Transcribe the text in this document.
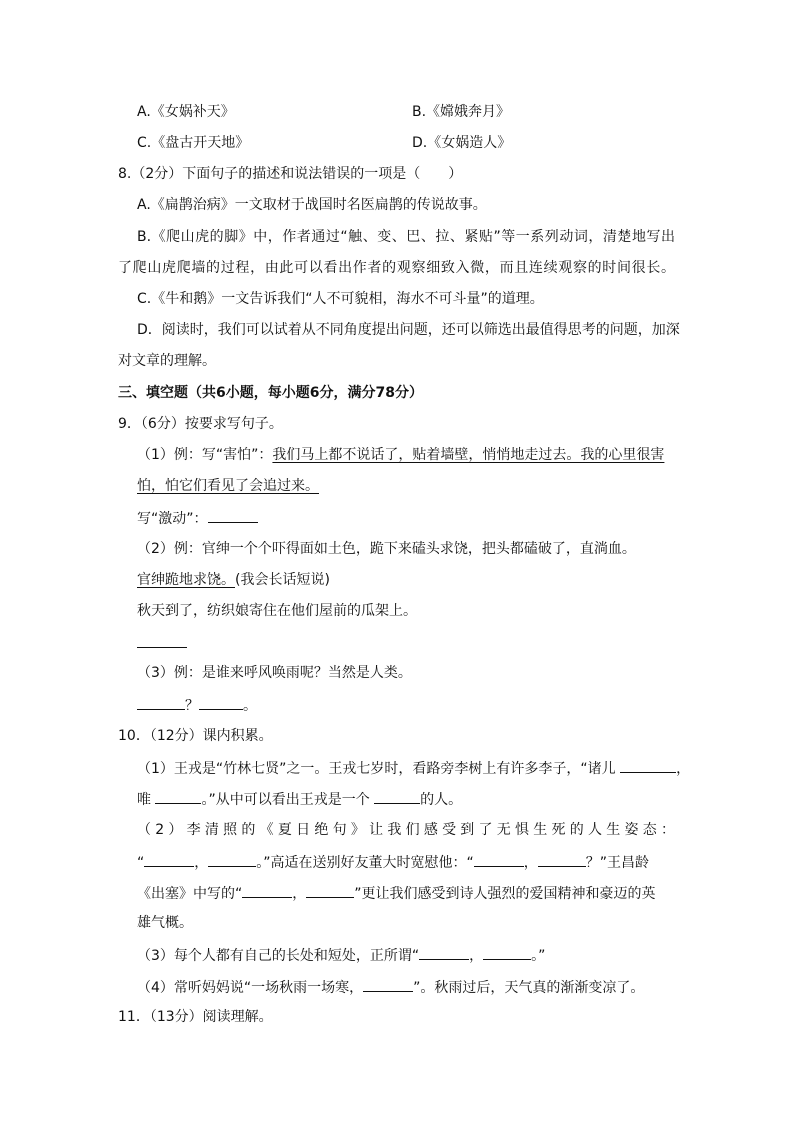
A.《女娲补天》	B.《嫦娥奔月》
C.《盘古开天地》	D.《女娲造人》
8.（2分）下面句子的描述和说法错误的一项是（　　）
A.《扁鹊治病》一文取材于战国时名医扁鹊的传说故事。
B.《爬山虎的脚》中，作者通过“触、变、巴、拉、紧贴”等一系列动词，清楚地写出
了爬山虎爬墙的过程，由此可以看出作者的观察细致入微，而且连续观察的时间很长。
C.《牛和鹅》一文告诉我们“人不可貌相，海水不可斗量”的道理。
D．阅读时，我们可以试着从不同角度提出问题，还可以筛选出最值得思考的问题，加深
对文章的理解。
三、填空题（共6小题，每小题6分，满分78分）
9．（6分）按要求写句子。
（1）例：写“害怕”：我们马上都不说话了，贴着墙壁，悄悄地走过去。我的心里很害
怕，怕它们看见了会追过来。
写“激动”：
（2）例：官绅一个个吓得面如土色，跪下来磕头求饶，把头都磕破了，直淌血。
官绅跪地求饶。(我会长话短说)
秋天到了，纺织娘寄住在他们屋前的瓜架上。
（3）例：是谁来呼风唤雨呢？当然是人类。
？	。
10．（12分）课内积累。
（1）王戎是“竹林七贤”之一。王戎七岁时，看路旁李树上有许多李子，“诸儿	，
唯	。”从中可以看出王戎是一个	的人。
（2）李清照的《夏日绝句》让我们感受到了无惧生死的人生姿态：
“	，	。”高适在送别好友董大时宽慰他：“	，	？”王昌龄
《出塞》中写的“	，	”更让我们感受到诗人强烈的爱国精神和豪迈的英
雄气概。
（3）每个人都有自己的长处和短处，正所谓“	，	。”
（4）常听妈妈说“一场秋雨一场寒，	”。秋雨过后，天气真的渐渐变凉了。
11．（13分）阅读理解。
